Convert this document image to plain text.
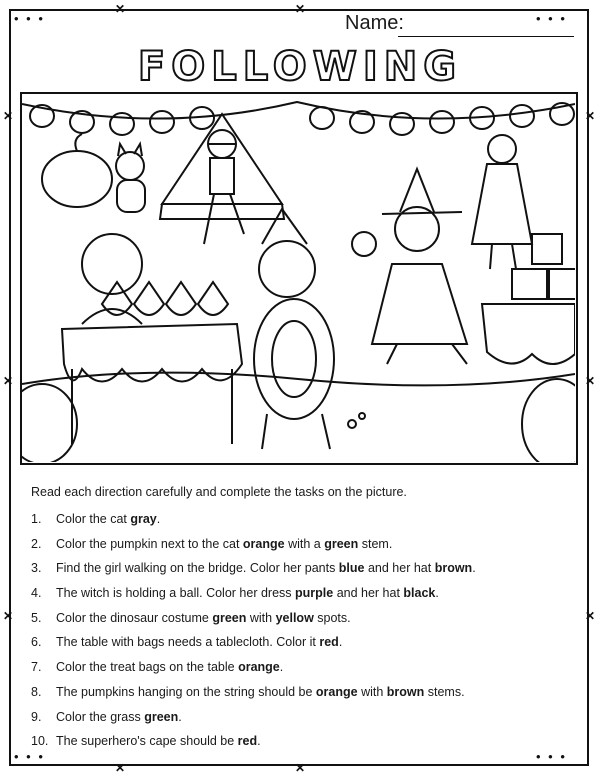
• • •	• • •
• • •	• • •
✕	✕
✕	✕
✕
✕
✕
✕
✕
✕
Name:
FOLLOWING
Read each direction carefully and complete the tasks on the picture.
1.	Color the cat gray.
2.	Color the pumpkin next to the cat orange with a green stem.
3.	Find the girl walking on the bridge. Color her pants blue and her hat brown.
4.	The witch is holding a ball. Color her dress purple and her hat black.
5.	Color the dinosaur costume green with yellow spots.
6.	The table with bags needs a tablecloth. Color it red.
7.	Color the treat bags on the table orange.
8.	The pumpkins hanging on the string should be orange with brown stems.
9.	Color the grass green.
10. The superhero's cape should be red.
